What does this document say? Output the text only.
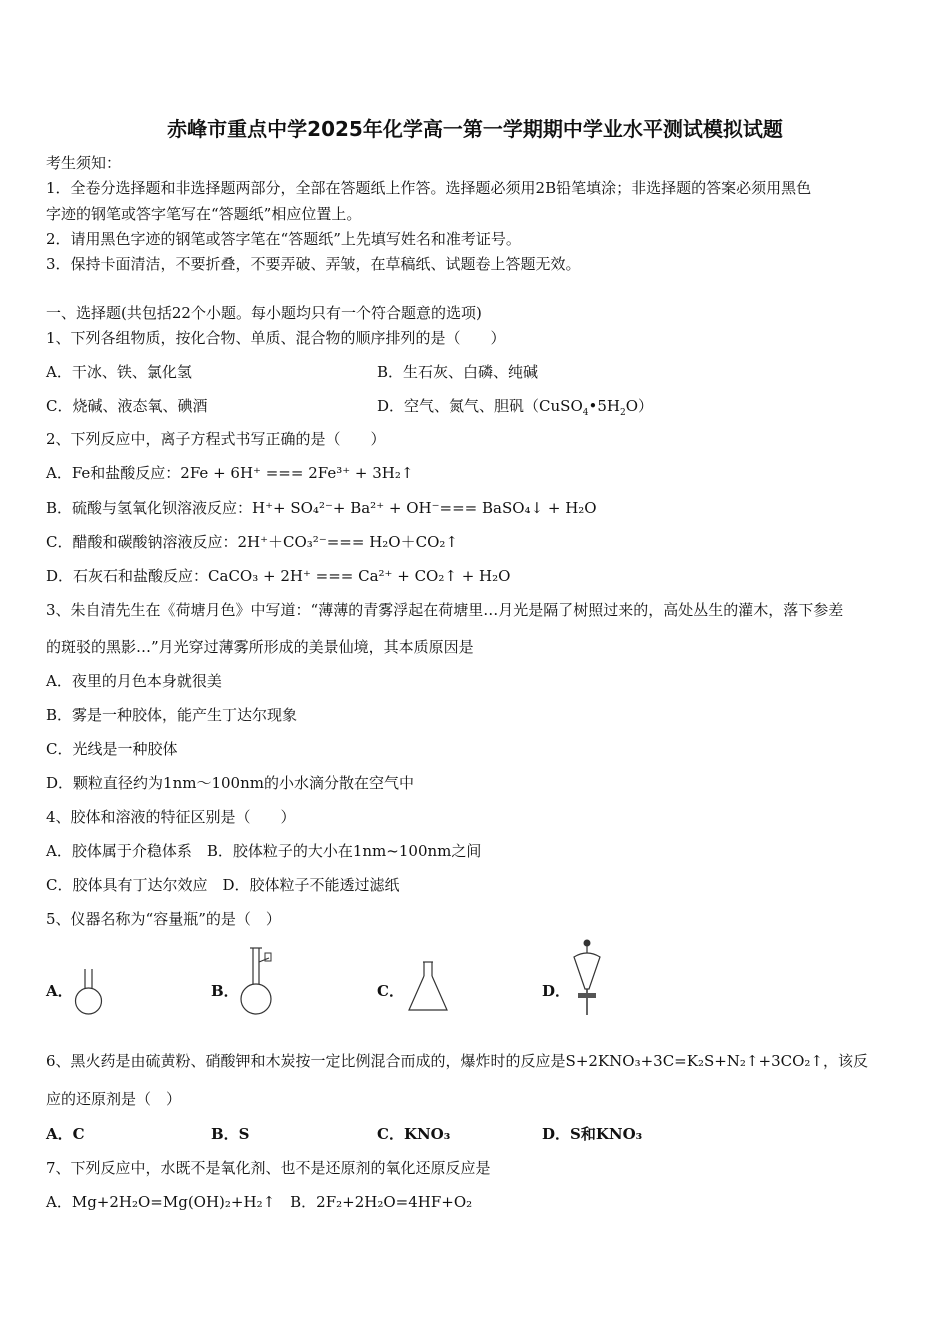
赤峰市重点中学2025年化学高一第一学期期中学业水平测试模拟试题
考生须知：
1．全卷分选择题和非选择题两部分，全部在答题纸上作答。选择题必须用2B铅笔填涂；非选择题的答案必须用黑色
字迹的钢笔或答字笔写在“答题纸”相应位置上。
2．请用黑色字迹的钢笔或答字笔在“答题纸”上先填写姓名和准考证号。
3．保持卡面清洁，不要折叠，不要弄破、弄皱，在草稿纸、试题卷上答题无效。
一、选择题(共包括22个小题。每小题均只有一个符合题意的选项)
1、下列各组物质，按化合物、单质、混合物的顺序排列的是（　　）
A．干冰、铁、氯化氢	B．生石灰、白磷、纯碱
C．烧碱、液态氧、碘酒	D．空气、氮气、胆矾$(CuSO_4•5H_2O)$
2、下列反应中，离子方程式书写正确的是（　　）
A．Fe和盐酸反应：2Fe + 6H⁺ === 2Fe³⁺ + 3H₂↑
B．硫酸与氢氧化钡溶液反应：H⁺+ SO₄²⁻+ Ba²⁺ + OH⁻=== BaSO₄↓ + H₂O
C．醋酸和碳酸钠溶液反应：2H⁺＋CO₃²⁻=== H₂O＋CO₂↑
D．石灰石和盐酸反应：CaCO₃ + 2H⁺ === Ca²⁺ + CO₂↑ + H₂O
3、朱自清先生在《荷塘月色》中写道：“薄薄的青雾浮起在荷塘里…月光是隔了树照过来的，高处丛生的灌木，落下参差
的斑驳的黑影…”月光穿过薄雾所形成的美景仙境，其本质原因是
A．夜里的月色本身就很美
B．雾是一种胶体，能产生丁达尔现象
C．光线是一种胶体
D．颗粒直径约为1nm～100nm的小水滴分散在空气中
4、胶体和溶液的特征区别是（　　）
A．胶体属于介稳体系　B．胶体粒子的大小在1nm~100nm之间
C．胶体具有丁达尔效应　D．胶体粒子不能透过滤纸
5、仪器名称为“容量瓶”的是（　）
A．	B．	C．	D．
6、黑火药是由硫黄粉、硝酸钾和木炭按一定比例混合而成的，爆炸时的反应是S+2KNO₃+3C=K₂S+N₂↑+3CO₂↑，该反
应的还原剂是（　）
A．C	B．S	C．KNO₃	D．S和KNO₃
7、下列反应中，水既不是氧化剂、也不是还原剂的氧化还原反应是
A．Mg+2H₂O=Mg(OH)₂+H₂↑　B．2F₂+2H₂O=4HF+O₂
